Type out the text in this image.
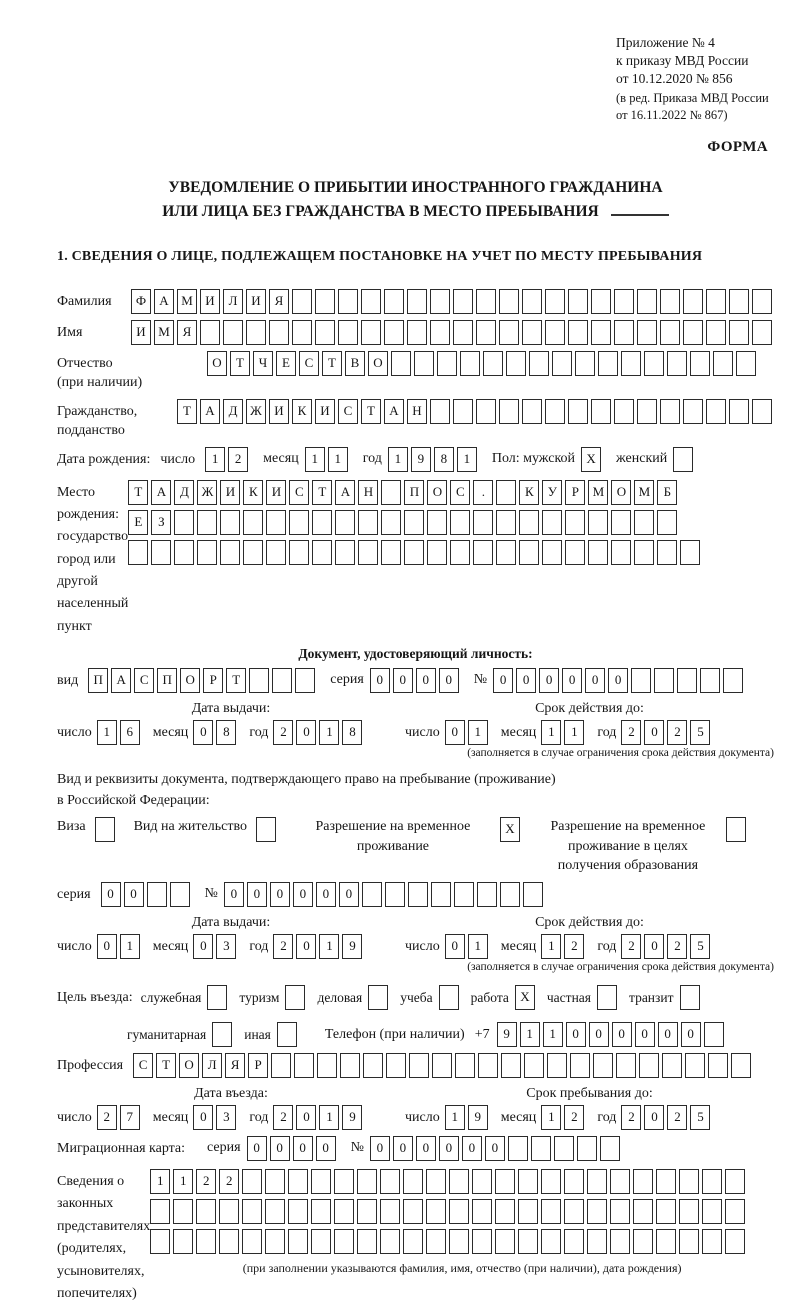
Приложение № 4
к приказу МВД России
от 10.12.2020 № 856
(в ред. Приказа МВД России
от 16.11.2022 № 867)
ФОРМА
УВЕДОМЛЕНИЕ О ПРИБЫТИИ ИНОСТРАННОГО ГРАЖДАНИНА
ИЛИ ЛИЦА БЕЗ ГРАЖДАНСТВА В МЕСТО ПРЕБЫВАНИЯ
1. СВЕДЕНИЯ О ЛИЦЕ, ПОДЛЕЖАЩЕМ ПОСТАНОВКЕ НА УЧЕТ ПО МЕСТУ ПРЕБЫВАНИЯ
Фамилия	Ф	А М И	Л	И	Я
Имя	И М Я
Отчество
(при наличии)
О	Т	Ч	Е	С	Т	В	О
Гражданство,
подданство
Т	А	Д Ж И	К	И	С	Т	А	Н
Дата рождения: число	1	2	месяц 1	1	год 1	9	8	1	Пол: мужской X	женский
Место рождения:
государство
город или другой
населенный пункт
Т	А	Д Ж И	К	И	С	Т	А	Н	П	О	С	.	К	У	Р	М О М	Б

Е	З

Документ, удостоверяющий личность:
вид	П	А	С	П	О	Р	Т	серия 0	0	0	0	№ 0	0	0	0	0	0
Дата выдачи:
число 1	6	месяц 0	8	год 2	0	1	8
Срок действия до:
число 0	1	месяц 1	1	год 2	0	2	5
(заполняется в случае ограничения срока действия документа)
Вид и реквизиты документа, подтверждающего право на пребывание (проживание)
в Российской Федерации:
Виза	Вид на жительство	Разрешение на временное проживание
X	Разрешение на временное проживание в целях получения образования
серия	0	0	№ 0	0	0	0	0	0
Дата выдачи:
число 0	1	месяц 0	3	год 2	0	1	9
Срок действия до:
число 0	1	месяц 1	2	год 2	0	2	5
(заполняется в случае ограничения срока действия документа)
Цель въезда: служебная	туризм	деловая	учеба	работа X	частная	транзит
гуманитарная	иная	Телефон (при наличии) +7	9	1	1	0	0	0	0	0	0
Профессия	С	Т	О	Л	Я	Р
Дата въезда:
число 2	7	месяц 0	3	год 2	0	1	9
Срок пребывания до:
число 1	9	месяц 1	2	год 2	0	2	5
Миграционная карта: серия 0	0	0	0	№ 0	0	0	0	0	0
Сведения о
законных
представителях
(родителях,
усыновителях,
попечителях)
1	1	2	2

(при заполнении указываются фамилия, имя, отчество (при наличии), дата рождения)
